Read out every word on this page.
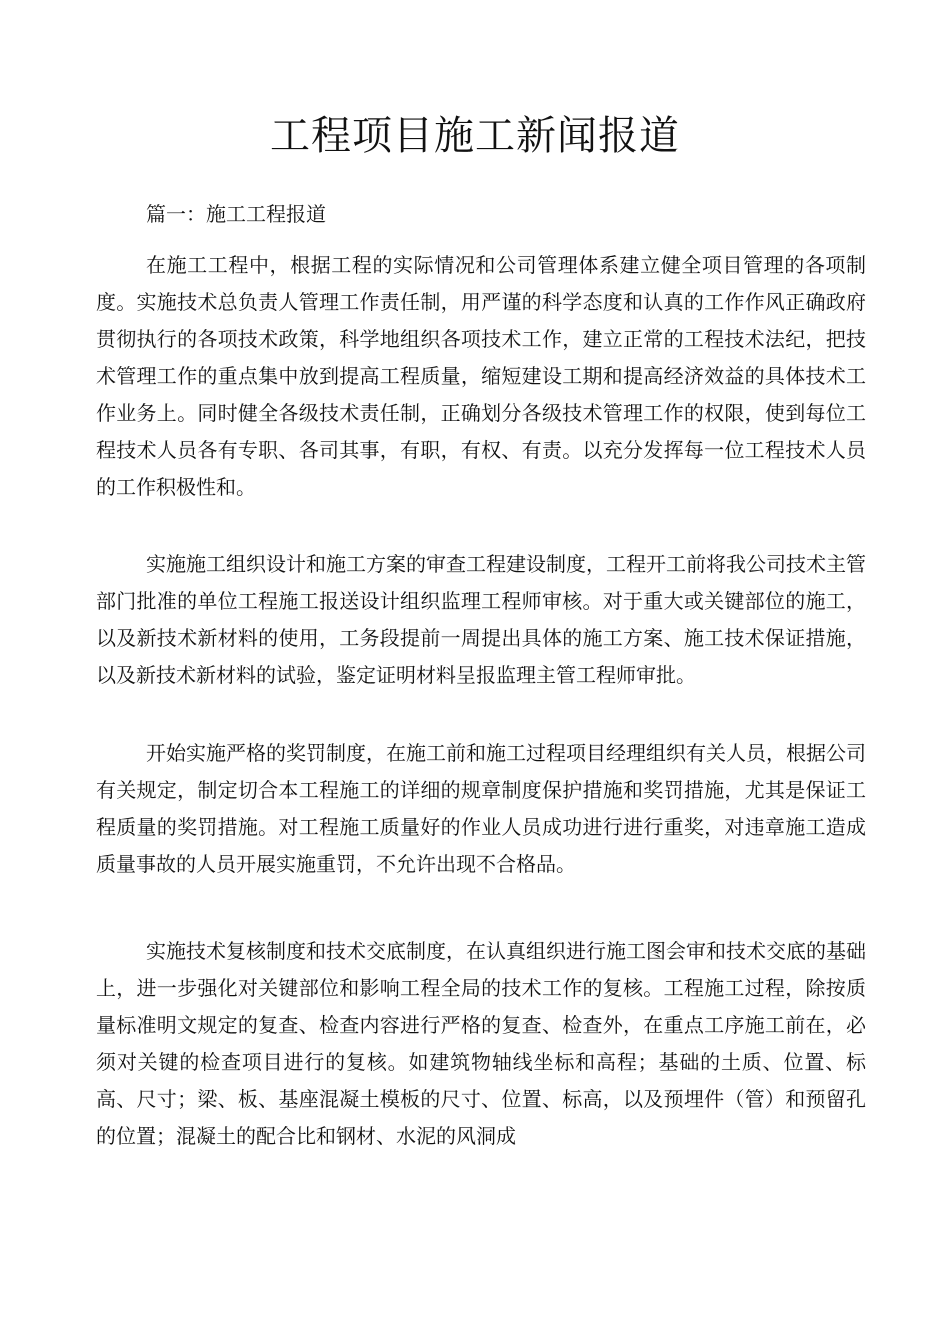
工程项目施工新闻报道

篇一：施工工程报道

在施工工程中，根据工程的实际情况和公司管理体系建立健全项目管理的各项制度。实施技术总负责人管理工作责任制，用严谨的科学态度和认真的工作作风正确政府贯彻执行的各项技术政策，科学地组织各项技术工作，建立正常的工程技术法纪，把技术管理工作的重点集中放到提高工程质量，缩短建设工期和提高经济效益的具体技术工作业务上。同时健全各级技术责任制，正确划分各级技术管理工作的权限，使到每位工程技术人员各有专职、各司其事，有职，有权、有责。以充分发挥每一位工程技术人员的工作积极性和。

实施施工组织设计和施工方案的审查工程建设制度，工程开工前将我公司技术主管部门批准的单位工程施工报送设计组织监理工程师审核。对于重大或关键部位的施工，以及新技术新材料的使用，工务段提前一周提出具体的施工方案、施工技术保证措施，以及新技术新材料的试验，鉴定证明材料呈报监理主管工程师审批。

开始实施严格的奖罚制度，在施工前和施工过程项目经理组织有关人员，根据公司有关规定，制定切合本工程施工的详细的规章制度保护措施和奖罚措施，尤其是保证工程质量的奖罚措施。对工程施工质量好的作业人员成功进行进行重奖，对违章施工造成质量事故的人员开展实施重罚，不允许出现不合格品。

实施技术复核制度和技术交底制度，在认真组织进行施工图会审和技术交底的基础上，进一步强化对关键部位和影响工程全局的技术工作的复核。工程施工过程，除按质量标准明文规定的复查、检查内容进行严格的复查、检查外，在重点工序施工前在，必须对关键的检查项目进行的复核。如建筑物轴线坐标和高程；基础的土质、位置、标高、尺寸；梁、板、基座混凝土模板的尺寸、位置、标高，以及预埋件（管）和预留孔的位置；混凝土的配合比和钢材、水泥的风洞成
